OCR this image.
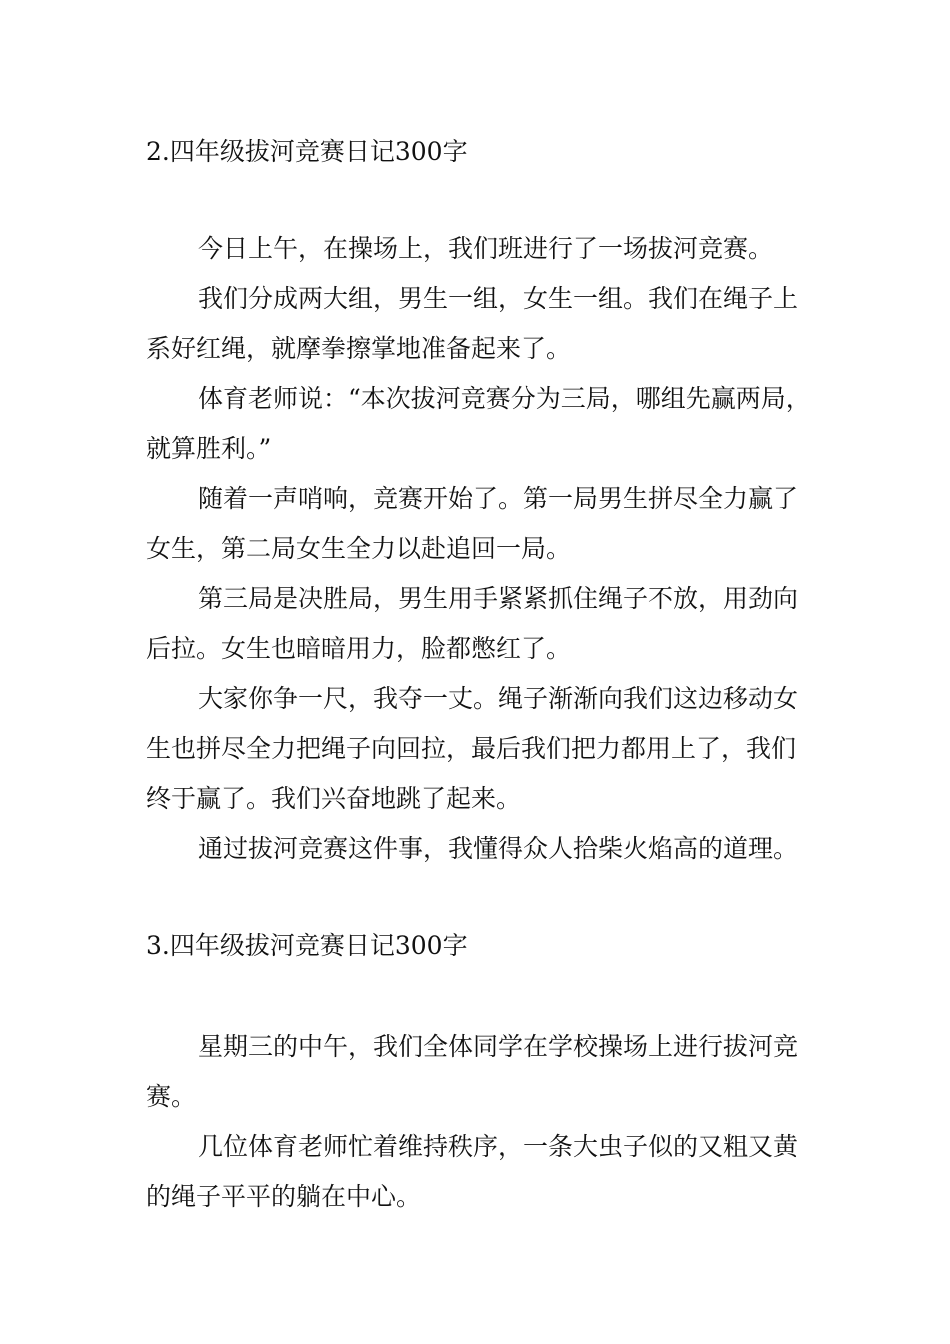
2.四年级拔河竞赛日记300字

今日上午，在操场上，我们班进行了一场拔河竞赛。

我们分成两大组，男生一组，女生一组。我们在绳子上系好红绳，就摩拳擦掌地准备起来了。

体育老师说：“本次拔河竞赛分为三局，哪组先赢两局，就算胜利。”

随着一声哨响，竞赛开始了。第一局男生拼尽全力赢了女生，第二局女生全力以赴追回一局。

第三局是决胜局，男生用手紧紧抓住绳子不放，用劲向后拉。女生也暗暗用力，脸都憋红了。

大家你争一尺，我夺一丈。绳子渐渐向我们这边移动女生也拼尽全力把绳子向回拉，最后我们把力都用上了，我们终于赢了。我们兴奋地跳了起来。

通过拔河竞赛这件事，我懂得众人拾柴火焰高的道理。

3.四年级拔河竞赛日记300字

星期三的中午，我们全体同学在学校操场上进行拔河竞赛。

几位体育老师忙着维持秩序，一条大虫子似的又粗又黄的绳子平平的躺在中心。
